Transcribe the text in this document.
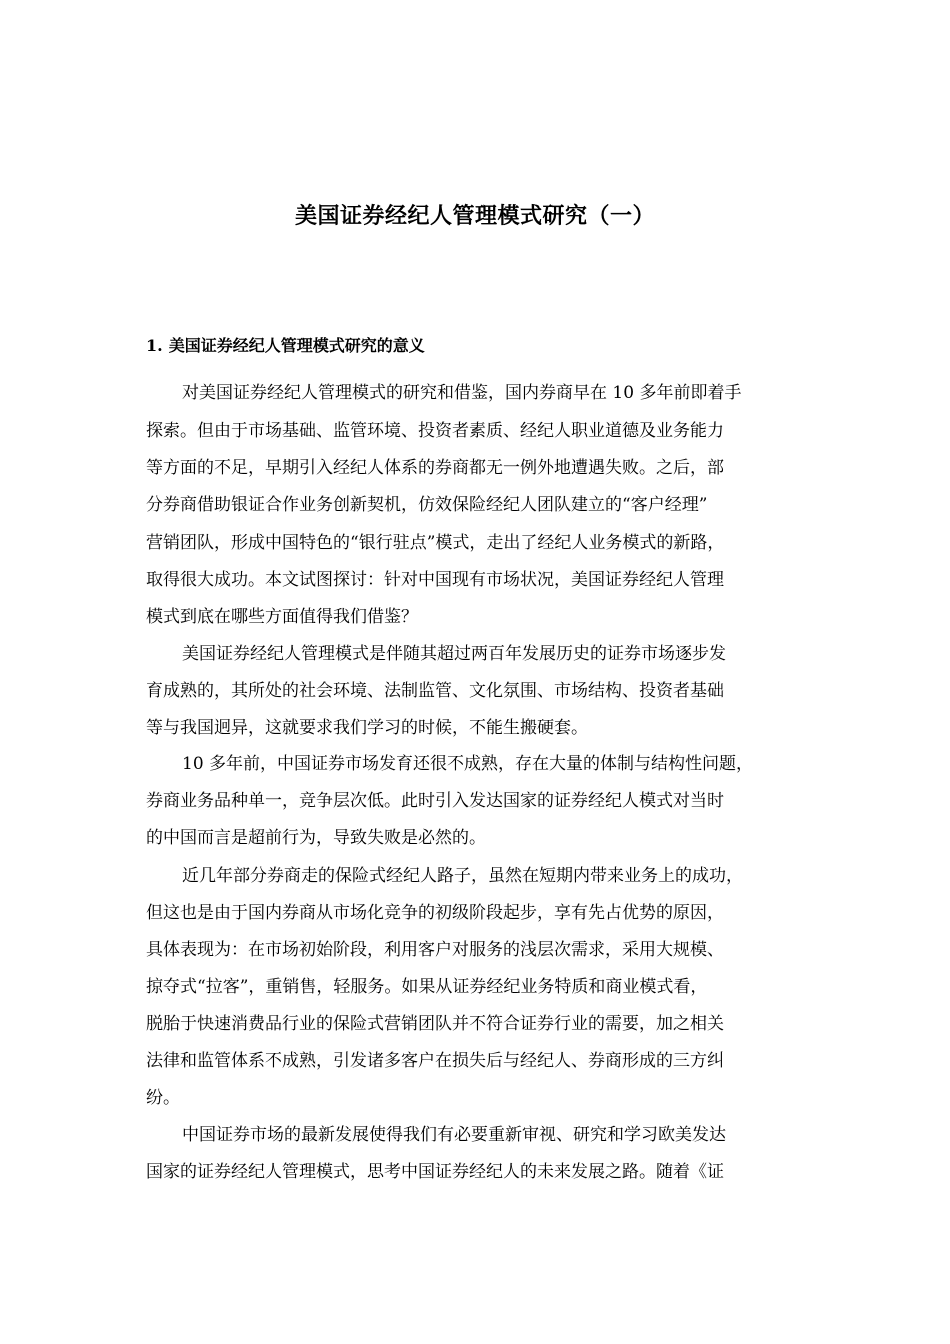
美国证券经纪人管理模式研究（一）
1. 美国证券经纪人管理模式研究的意义
对美国证券经纪人管理模式的研究和借鉴，国内券商早在 10 多年前即着手
探索。但由于市场基础、监管环境、投资者素质、经纪人职业道德及业务能力
等方面的不足，早期引入经纪人体系的券商都无一例外地遭遇失败。之后，部
分券商借助银证合作业务创新契机，仿效保险经纪人团队建立的“客户经理”
营销团队，形成中国特色的“银行驻点”模式，走出了经纪人业务模式的新路，
取得很大成功。本文试图探讨：针对中国现有市场状况，美国证券经纪人管理
模式到底在哪些方面值得我们借鉴？
美国证券经纪人管理模式是伴随其超过两百年发展历史的证券市场逐步发
育成熟的，其所处的社会环境、法制监管、文化氛围、市场结构、投资者基础
等与我国迥异，这就要求我们学习的时候，不能生搬硬套。
10 多年前，中国证券市场发育还很不成熟，存在大量的体制与结构性问题，
券商业务品种单一，竞争层次低。此时引入发达国家的证券经纪人模式对当时
的中国而言是超前行为，导致失败是必然的。
近几年部分券商走的保险式经纪人路子，虽然在短期内带来业务上的成功，
但这也是由于国内券商从市场化竞争的初级阶段起步，享有先占优势的原因，
具体表现为：在市场初始阶段，利用客户对服务的浅层次需求，采用大规模、
掠夺式“拉客”，重销售，轻服务。如果从证券经纪业务特质和商业模式看，
脱胎于快速消费品行业的保险式营销团队并不符合证券行业的需要，加之相关
法律和监管体系不成熟，引发诸多客户在损失后与经纪人、券商形成的三方纠
纷。
中国证券市场的最新发展使得我们有必要重新审视、研究和学习欧美发达
国家的证券经纪人管理模式，思考中国证券经纪人的未来发展之路。随着《证
